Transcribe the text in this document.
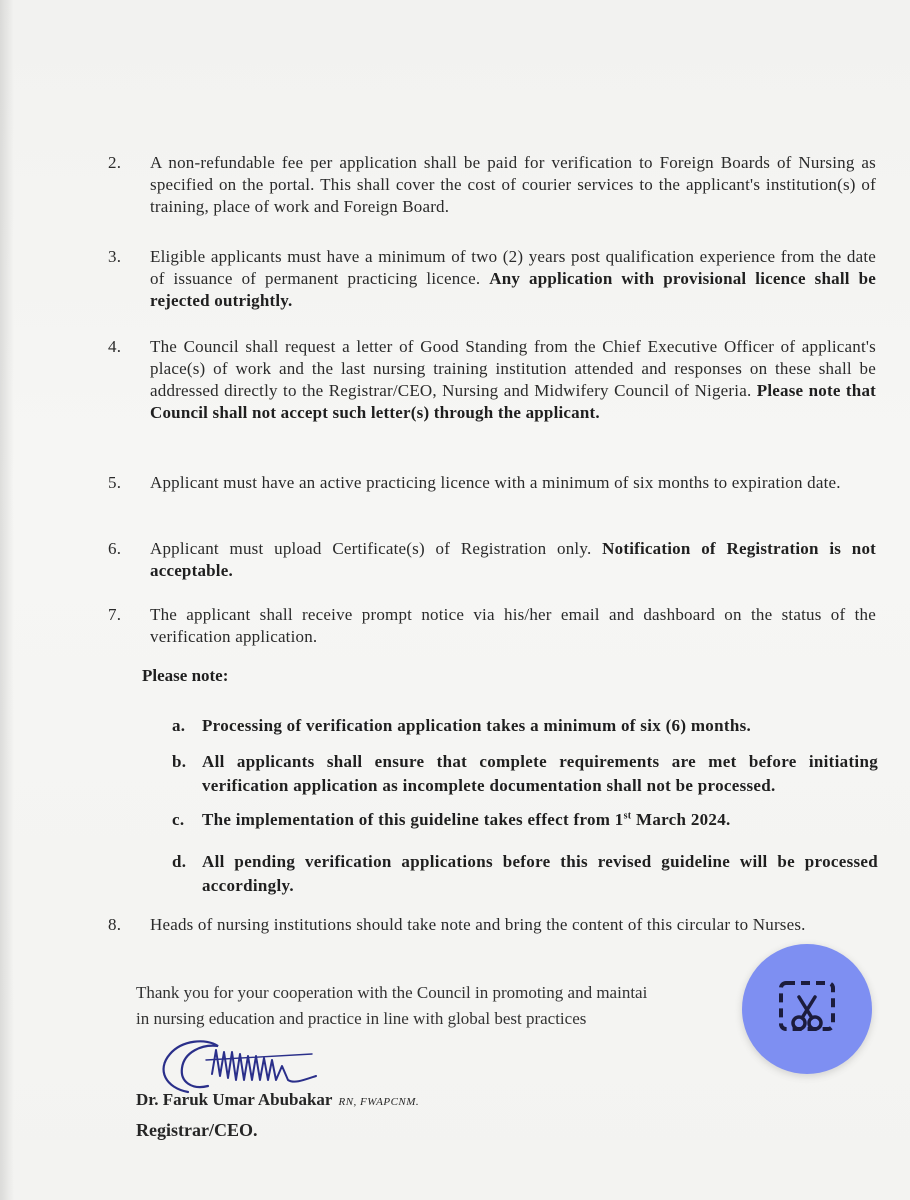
2.	A non-refundable fee per application shall be paid for verification to Foreign Boards of Nursing as specified on the portal. This shall cover the cost of courier services to the applicant's institution(s) of training, place of work and Foreign Board.
3.	Eligible applicants must have a minimum of two (2) years post qualification experience from the date of issuance of permanent practicing licence. Any application with provisional licence shall be rejected outrightly.
4.	The Council shall request a letter of Good Standing from the Chief Executive Officer of applicant's place(s) of work and the last nursing training institution attended and responses on these shall be addressed directly to the Registrar/CEO, Nursing and Midwifery Council of Nigeria. Please note that Council shall not accept such letter(s) through the applicant.
5.	Applicant must have an active practicing licence with a minimum of six months to expiration date.
6.	Applicant must upload Certificate(s) of Registration only. Notification of Registration is not acceptable.
7.	The applicant shall receive prompt notice via his/her email and dashboard on the status of the verification application.
Please note:
a. Processing of verification application takes a minimum of six (6) months.
b. All applicants shall ensure that complete requirements are met before initiating verification application as incomplete documentation shall not be processed.
c.	The implementation of this guideline takes effect from 1st March 2024.
d. All pending verification applications before this revised guideline will be processed accordingly.
8.	Heads of nursing institutions should take note and bring the content of this circular to Nurses.
Thank you for your cooperation with the Council in promoting and maintai
in nursing education and practice in line with global best practices
Dr. Faruk Umar Abubakar RN, FWAPCNM.
Registrar/CEO.
